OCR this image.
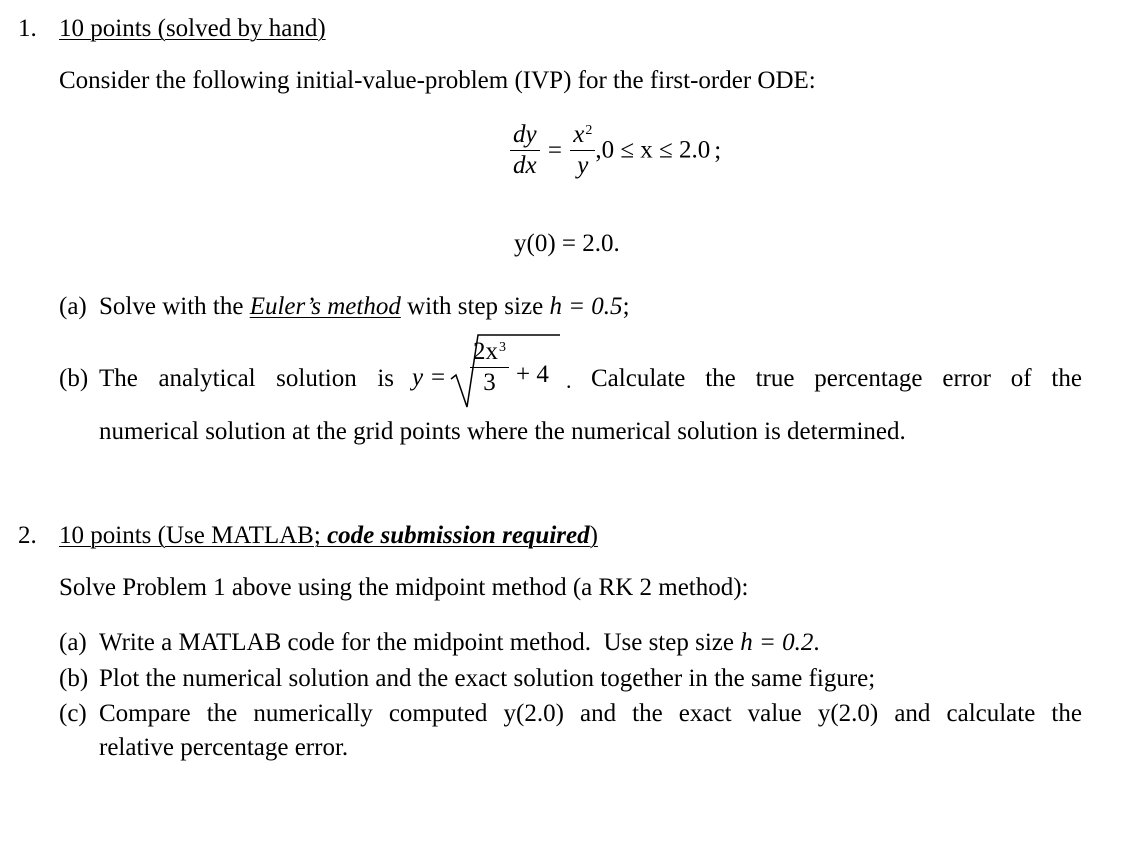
1. 10 points (solved by hand)
Consider the following initial-value-problem (IVP) for the first-order ODE:
$\frac{dy}{dx} = \frac{x^2}{y} ,0 \le x \le 2.0$ ;
y(0) = 2.0.
(a) Solve with the Euler’s method with step size h = 0.5;
(b) The analytical solution is y =
$2x^3$
3 + 4 . Calculate the true percentage error of the
numerical solution at the grid points where the numerical solution is determined.
2. 10 points (Use MATLAB; code submission required)
Solve Problem 1 above using the midpoint method (a RK 2 method):
(a) Write a MATLAB code for the midpoint method.  Use step size h = 0.2.
(b) Plot the numerical solution and the exact solution together in the same figure;
(c) Compare the numerically computed y(2.0) and the exact value y(2.0) and calculate the
relative percentage error.
